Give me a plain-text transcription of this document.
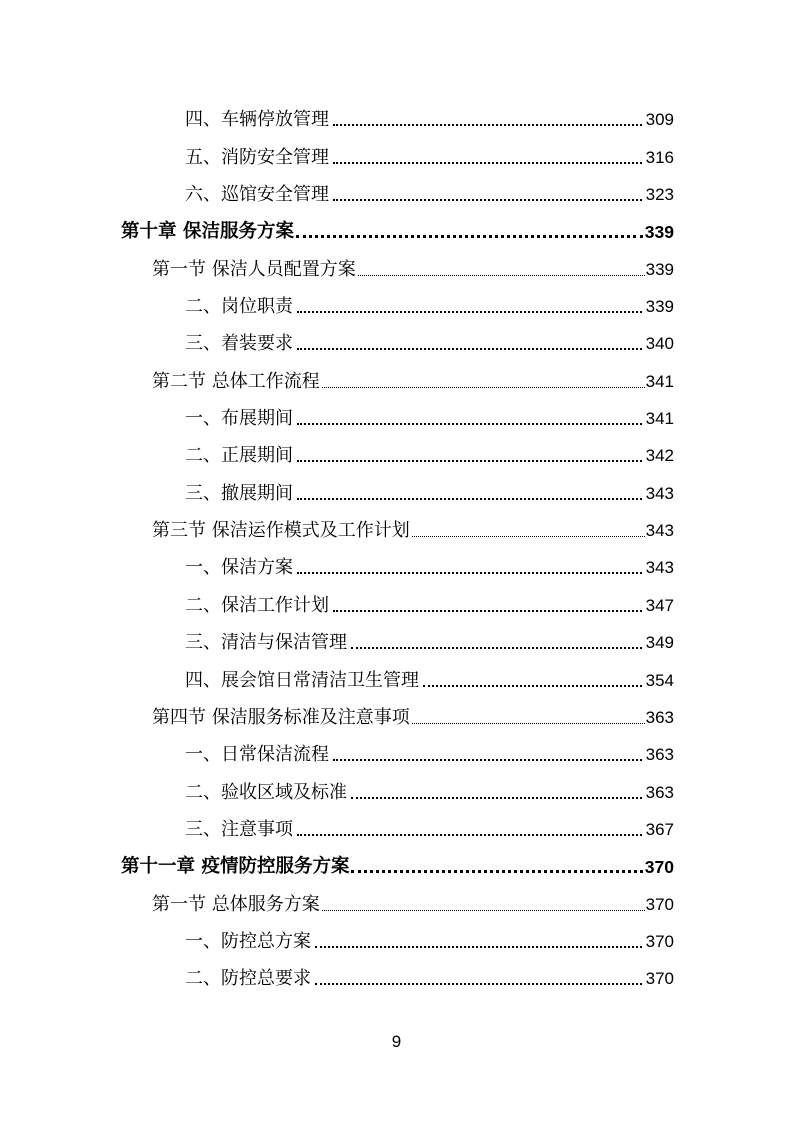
四、车辆停放管理	309
五、消防安全管理	316
六、巡馆安全管理	323
第十章 保洁服务方案	339
第一节 保洁人员配置方案	339
二、岗位职责	339
三、着装要求	340
第二节 总体工作流程	341
一、布展期间	341
二、正展期间	342
三、撤展期间	343
第三节 保洁运作模式及工作计划	343
一、保洁方案	343
二、保洁工作计划	347
三、清洁与保洁管理	349
四、展会馆日常清洁卫生管理	354
第四节 保洁服务标准及注意事项	363
一、日常保洁流程	363
二、验收区域及标准	363
三、注意事项	367
第十一章 疫情防控服务方案	370
第一节 总体服务方案	370
一、防控总方案	370
二、防控总要求	370
9
